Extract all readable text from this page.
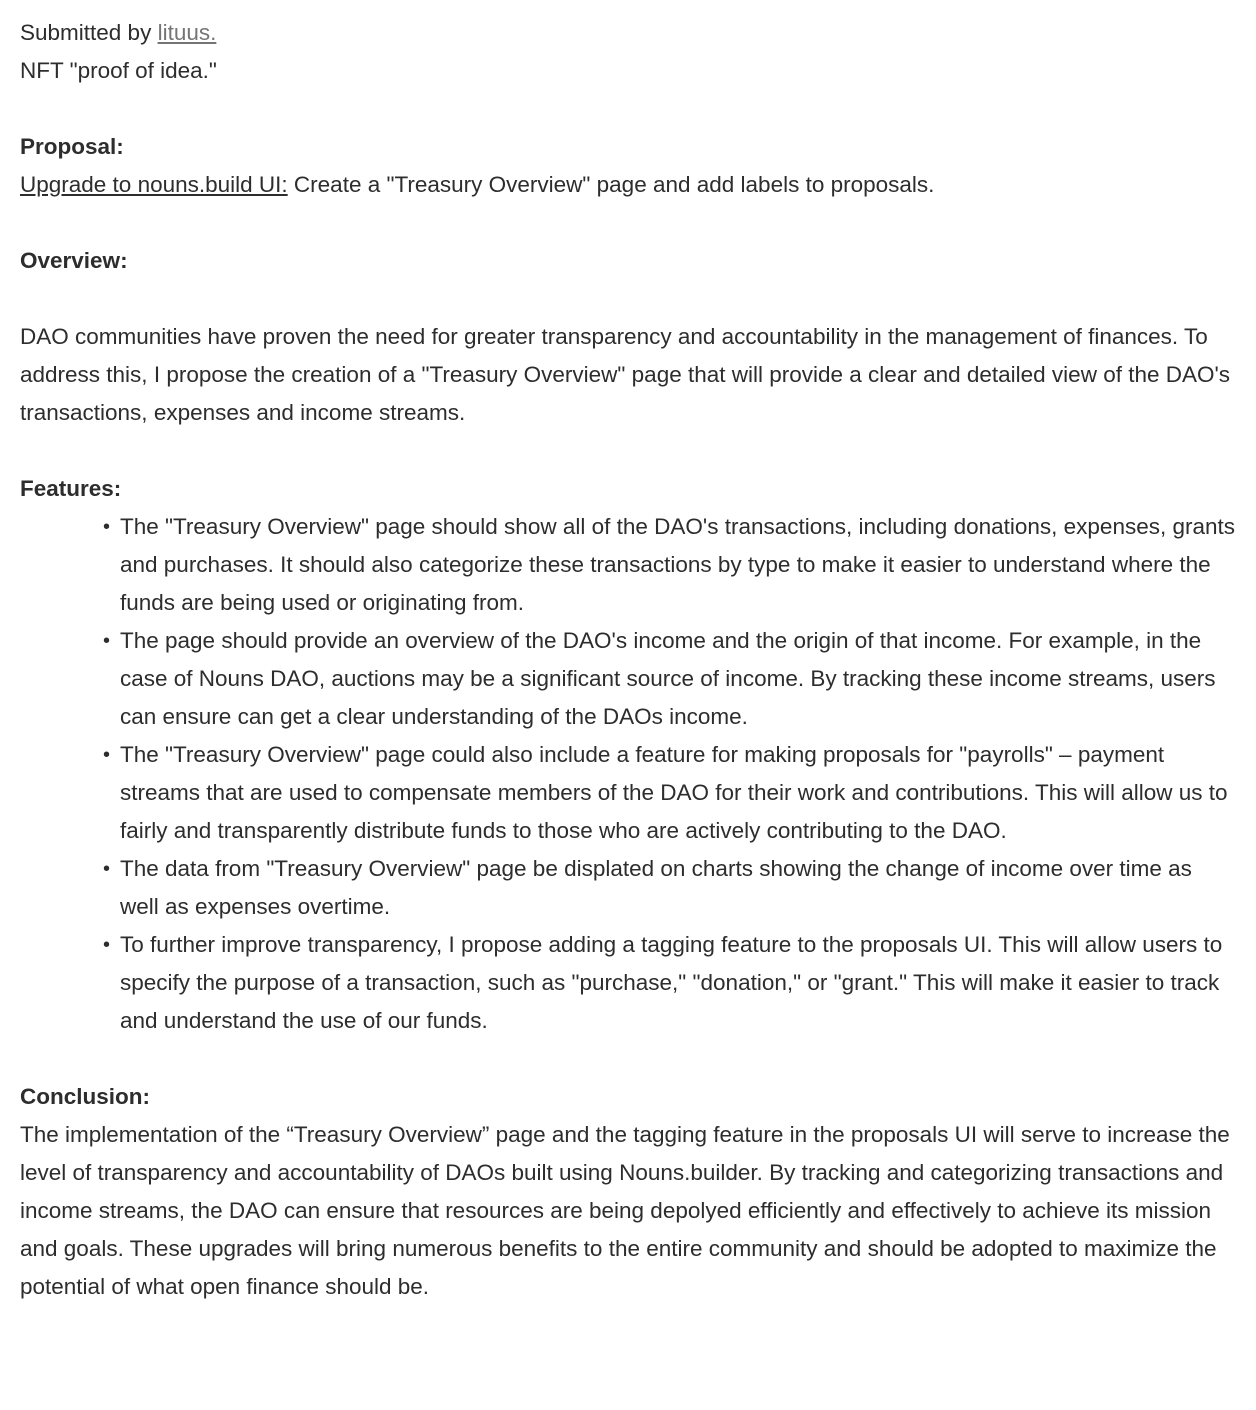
Submitted by lituus.

NFT "proof of idea."

Proposal:

Upgrade to nouns.build UI: Create a "Treasury Overview" page and add labels to proposals.

Overview:

DAO communities have proven the need for greater transparency and accountability in the management of finances. To address this, I propose the creation of a "Treasury Overview" page that will provide a clear and detailed view of the DAO's transactions, expenses and income streams.

Features:

• The "Treasury Overview" page should show all of the DAO's transactions, including donations, expenses, grants and purchases. It should also categorize these transactions by type to make it easier to understand where the funds are being used or originating from.
• The page should provide an overview of the DAO's income and the origin of that income. For example, in the case of Nouns DAO, auctions may be a significant source of income. By tracking these income streams, users can ensure can get a clear understanding of the DAOs income.
• The "Treasury Overview" page could also include a feature for making proposals for "payrolls" – payment streams that are used to compensate members of the DAO for their work and contributions. This will allow us to fairly and transparently distribute funds to those who are actively contributing to the DAO.
• The data from "Treasury Overview" page be displated on charts showing the change of income over time as well as expenses overtime.
• To further improve transparency, I propose adding a tagging feature to the proposals UI. This will allow users to specify the purpose of a transaction, such as "purchase," "donation," or "grant." This will make it easier to track and understand the use of our funds.

Conclusion:

The implementation of the “Treasury Overview” page and the tagging feature in the proposals UI will serve to increase the level of transparency and accountability of DAOs built using Nouns.builder. By tracking and categorizing transactions and income streams, the DAO can ensure that resources are being depolyed efficiently and effectively to achieve its mission and goals. These upgrades will bring numerous benefits to the entire community and should be adopted to maximize the potential of what open finance should be.
